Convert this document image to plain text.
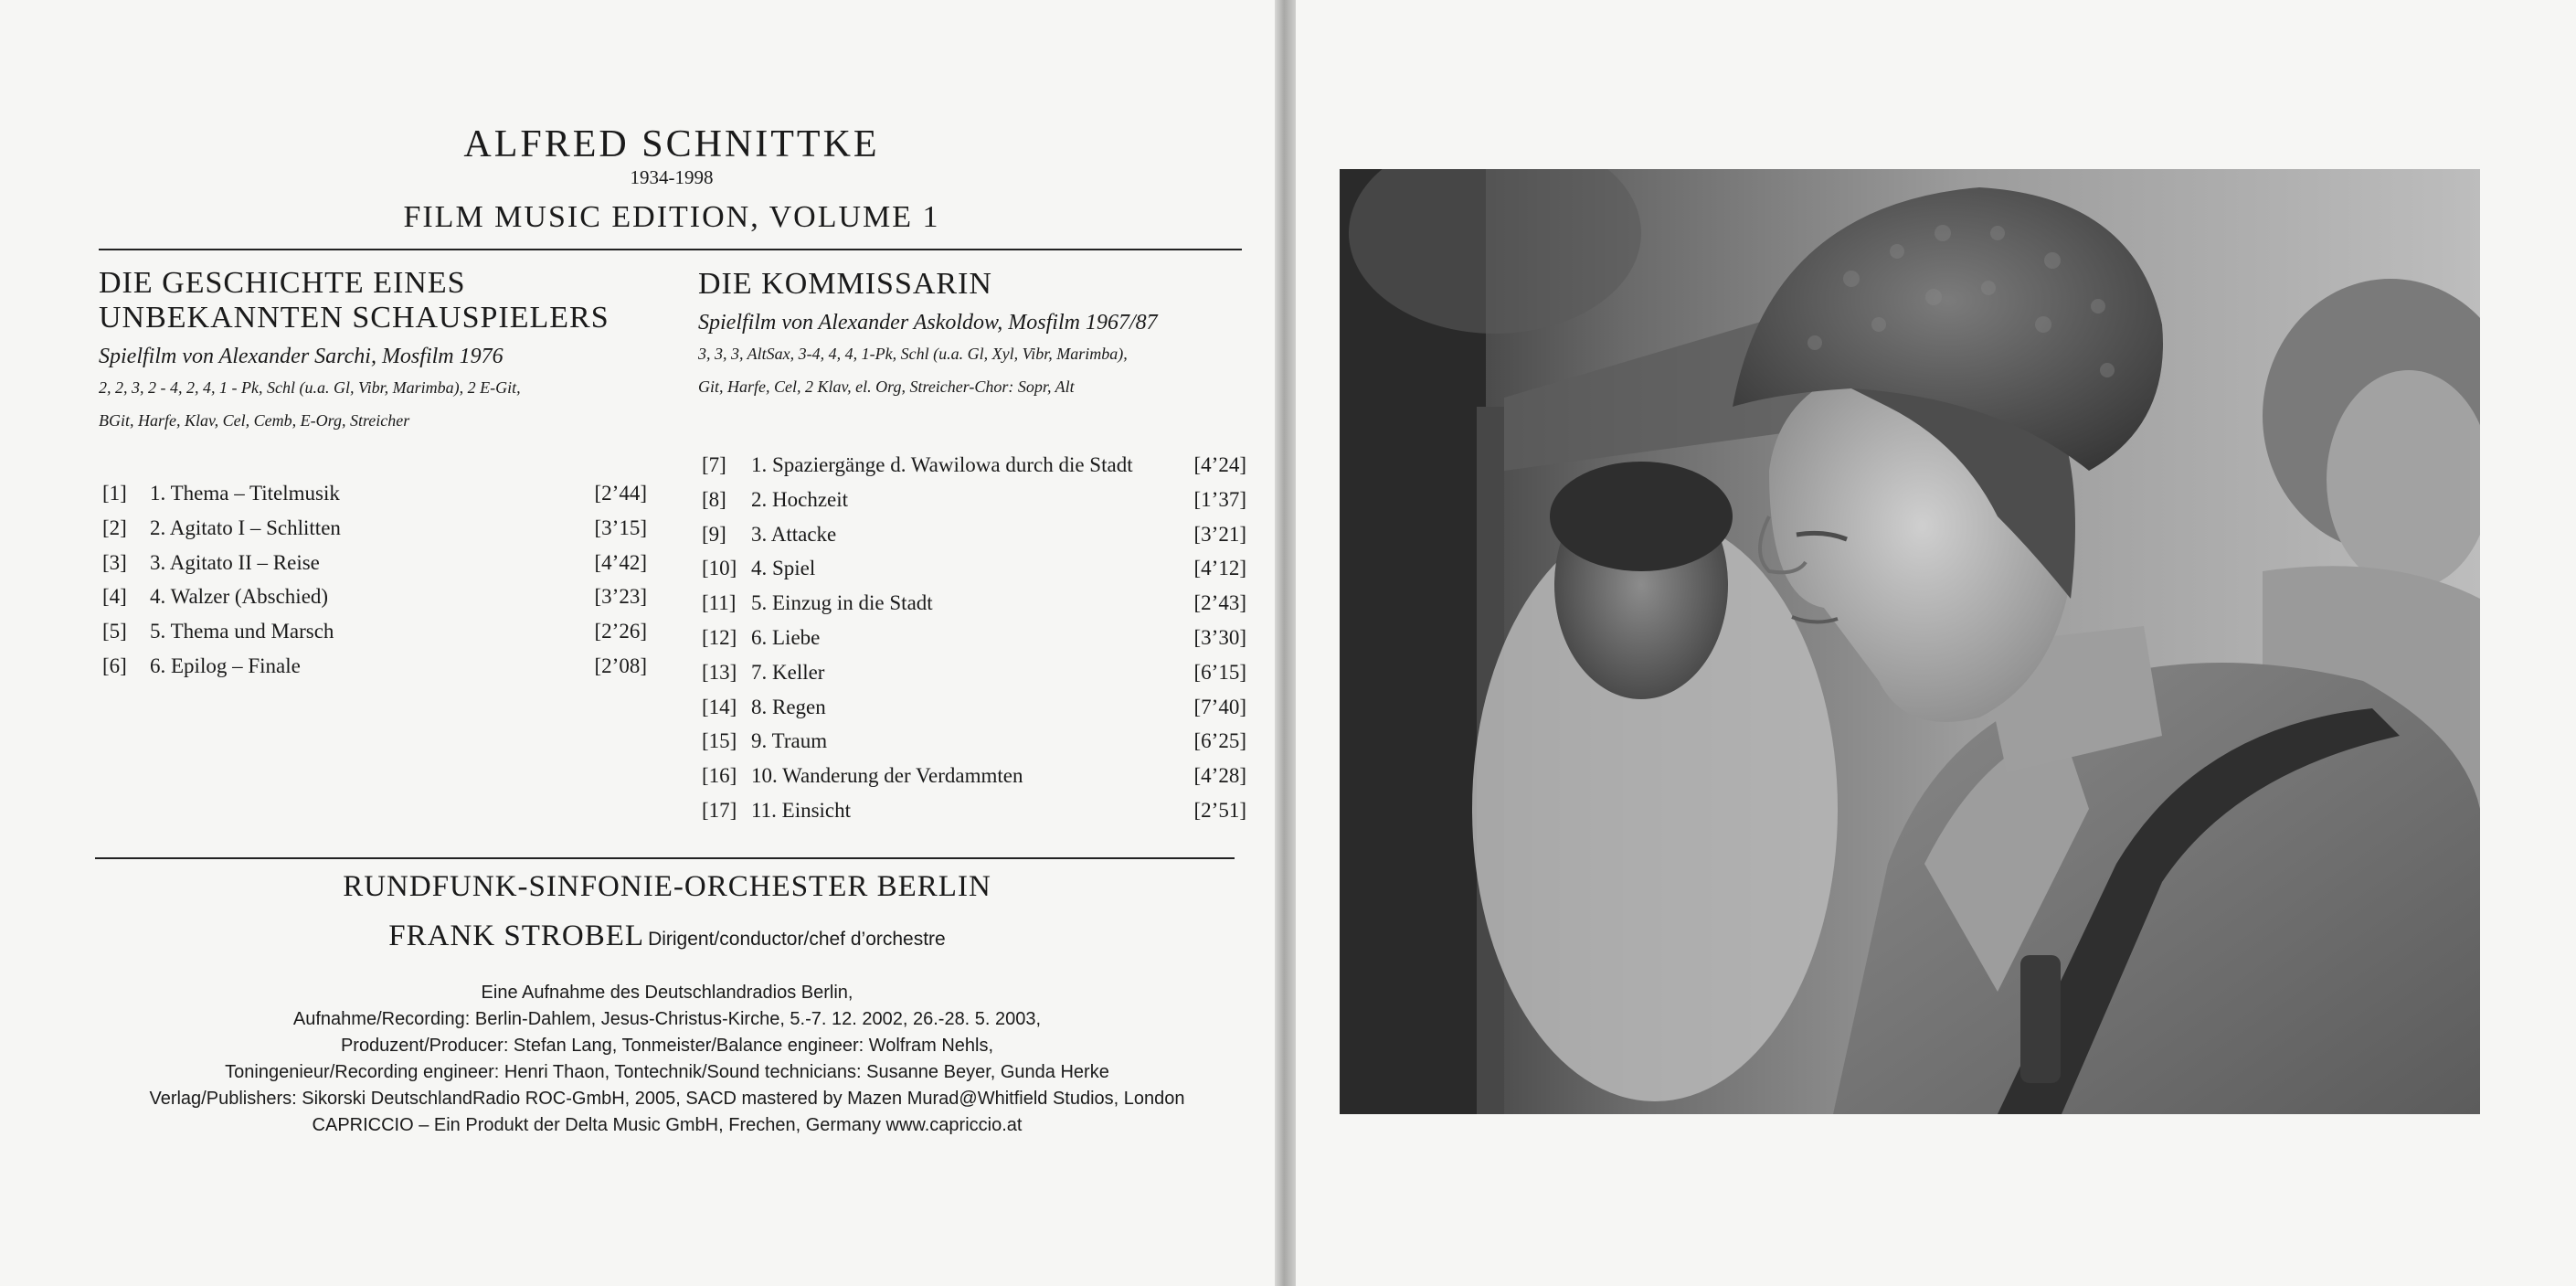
ALFRED SCHNITTKE
1934-1998
FILM MUSIC EDITION, VOLUME 1
DIE GESCHICHTE EINES
UNBEKANNTEN SCHAUSPIELERS
Spielfilm von Alexander Sarchi, Mosfilm 1976
2, 2, 3, 2 - 4, 2, 4, 1 - Pk, Schl (u.a. Gl, Vibr, Marimba), 2 E-Git,
BGit, Harfe, Klav, Cel, Cemb, E-Org, Streicher
[1] 1. Thema – Titelmusik	[2’44]
[2] 2. Agitato I – Schlitten	[3’15]
[3] 3. Agitato II – Reise	[4’42]
[4] 4. Walzer (Abschied)	[3’23]
[5] 5. Thema und Marsch	[2’26]
[6] 6. Epilog – Finale	[2’08]
DIE KOMMISSARIN
Spielfilm von Alexander Askoldow, Mosfilm 1967/87
3, 3, 3, AltSax, 3-4, 4, 4, 1-Pk, Schl (u.a. Gl, Xyl, Vibr, Marimba),
Git, Harfe, Cel, 2 Klav, el. Org, Streicher-Chor: Sopr, Alt
[7] 1. Spaziergänge d. Wawilowa durch die Stadt	[4’24]
[8] 2. Hochzeit	[1’37]
[9] 3. Attacke	[3’21]
[10] 4. Spiel	[4’12]
[11] 5. Einzug in die Stadt	[2’43]
[12] 6. Liebe	[3’30]
[13] 7. Keller	[6’15]
[14] 8. Regen	[7’40]
[15] 9. Traum	[6’25]
[16] 10. Wanderung der Verdammten	[4’28]
[17] 11. Einsicht	[2’51]
RUNDFUNK-SINFONIE-ORCHESTER BERLIN
FRANK STROBEL Dirigent/conductor/chef d’orchestre
Eine Aufnahme des Deutschlandradios Berlin,
Aufnahme/Recording: Berlin-Dahlem, Jesus-Christus-Kirche, 5.-7. 12. 2002, 26.-28. 5. 2003,
Produzent/Producer: Stefan Lang, Tonmeister/Balance engineer: Wolfram Nehls,
Toningenieur/Recording engineer: Henri Thaon, Tontechnik/Sound technicians: Susanne Beyer, Gunda Herke
Verlag/Publishers: Sikorski DeutschlandRadio ROC-GmbH, 2005, SACD mastered by Mazen Murad@Whitfield Studios, London
CAPRICCIO – Ein Produkt der Delta Music GmbH, Frechen, Germany www.capriccio.at
